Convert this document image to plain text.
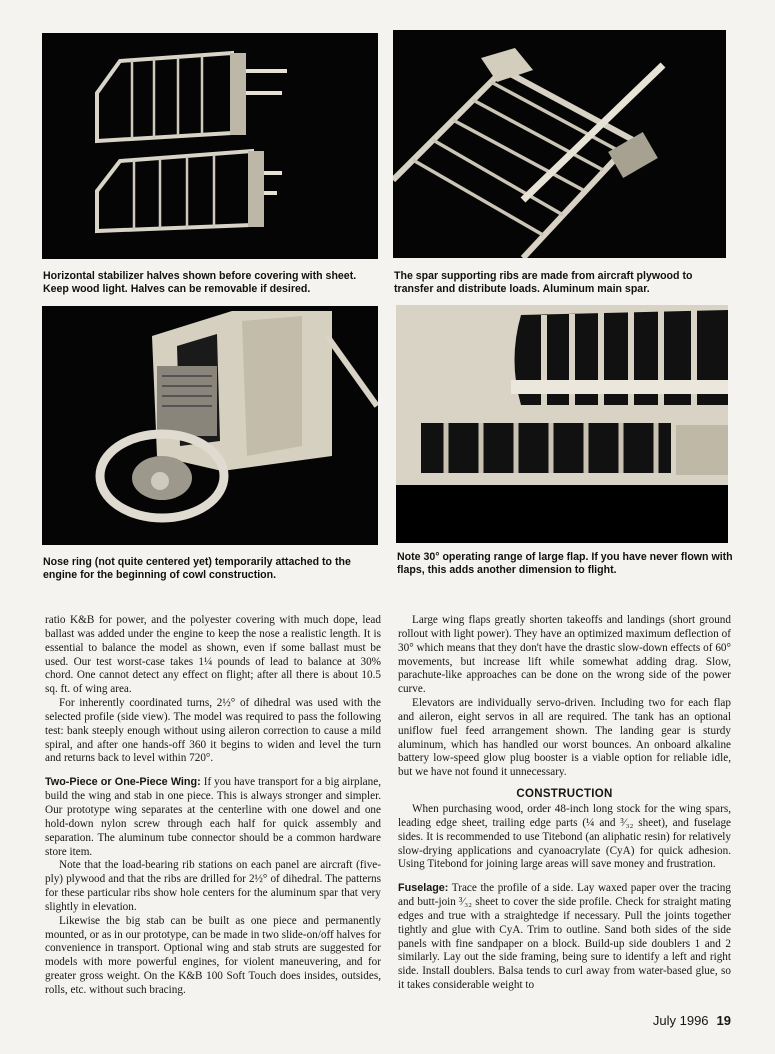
Horizontal stabilizer halves shown before covering with sheet. Keep wood light. Halves can be removable if desired.
The spar supporting ribs are made from aircraft plywood to transfer and distribute loads. Aluminum main spar.
Nose ring (not quite centered yet) temporarily attached to the engine for the beginning of cowl construction.
Note 30° operating range of large flap. If you have never flown with flaps, this adds another dimension to flight.

ratio K&B for power, and the polyester covering with much dope, lead ballast was added under the engine to keep the nose a realistic length. It is essential to balance the model as shown, even if some ballast must be used. Our test worst-case takes 1¼ pounds of lead to balance at 30% chord. One cannot detect any effect on flight; after all there is about 10.5 sq. ft. of wing area.

For inherently coordinated turns, 2½° of dihedral was used with the selected profile (side view). The model was required to pass the following test: bank steeply enough without using aileron correction to cause a mild spiral, and after one hands-off 360 it begins to widen and level the turn and returns back to level within 720°.

Two-Piece or One-Piece Wing: If you have transport for a big airplane, build the wing and stab in one piece. This is always stronger and simpler. Our prototype wing separates at the centerline with one dowel and one hold-down nylon screw through each half for quick assembly and separation. The aluminum tube connector should be a common hardware store item.

Note that the load-bearing rib stations on each panel are aircraft (five-ply) plywood and that the ribs are drilled for 2½° of dihedral. The patterns for these particular ribs show hole centers for the aluminum spar that very slightly in elevation.

Likewise the big stab can be built as one piece and permanently mounted, or as in our prototype, can be made in two slide-on/off halves for convenience in transport. Optional wing and stab struts are suggested for models with more powerful engines, for violent maneuvering, and for greater gross weight. On the K&B 100 Soft Touch does insides, outsides, rolls, etc. without such bracing.

Large wing flaps greatly shorten takeoffs and landings (short ground rollout with light power). They have an optimized maximum deflection of 30° which means that they don't have the drastic slow-down effects of 60° movements, but increase lift while somewhat adding drag. Slow, parachute-like approaches can be done on the wrong side of the power curve.

Elevators are individually servo-driven. Including two for each flap and aileron, eight servos in all are required. The tank has an optional uniflow fuel feed arrangement shown. The landing gear is sturdy aluminum, which has handled our worst bounces. An onboard alkaline battery low-speed glow plug booster is a viable option for reliable idle, but we have not found it unnecessary.

CONSTRUCTION

When purchasing wood, order 48-inch long stock for the wing spars, leading edge sheet, trailing edge parts (¼ and ³⁄₃₂ sheet), and fuselage sides. It is recommended to use Titebond (an aliphatic resin) for relatively slow-drying applications and cyanoacrylate (CyA) for quick adhesion. Using Titebond for joining large areas will save money and frustration.

Fuselage: Trace the profile of a side. Lay waxed paper over the tracing and butt-join ³⁄₃₂ sheet to cover the side profile. Check for straight mating edges and true with a straightedge if necessary. Pull the joints together tightly and glue with CyA. Trim to outline. Sand both sides of the side panels with fine sandpaper on a block. Build-up side doublers 1 and 2 similarly. Lay out the side framing, being sure to identify a left and right side. Install doublers. Balsa tends to curl away from water-based glue, so it takes considerable weight to

July 1996 19
